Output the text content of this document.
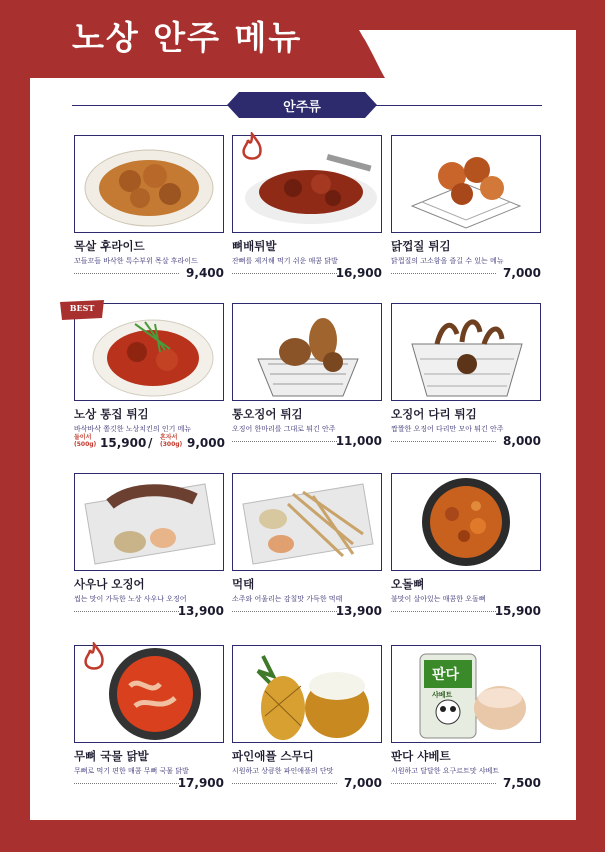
노상 안주 메뉴
안주류
목살 후라이드
꼬들꼬들 바삭한 특수부위 목살 후라이드
9,400
뼈배튀발
잔뼈를 제거해 먹기 쉬운 매콤 닭발
16,900
닭껍질 튀김
닭껍질의 고소함을 즐길 수 있는 메뉴
7,000
노상 통집 튀김
바삭바삭 쫄깃한 노상치킨의 인기 메뉴
둘이서
(500g) 15,900 / 혼자서
(300g) 9,000
통오징어 튀김
오징어 한마리를 그대로 튀긴 안주
11,000
오징어 다리 튀김
짭짤한 오징어 다리만 모아 튀긴 안주
8,000
사우나 오징어
씹는 맛이 가득한 노상 사우나 오징어
13,900
먹태
소주와 어울리는 감칠맛 가득한 먹태
13,900
오돌뼈
불맛이 살아있는 매콤한 오돌뼈
15,900
무뼈 국물 닭발
무뼈로 먹기 편한 매콤 무뼈 국물 닭발
17,900
파인애플 스무디
시원하고 상큼한 파인애플의 단맛
7,000
판다
샤베트
판다 샤베트
시원하고 달달한 요구르트맛 샤베트
7,500
BEST
